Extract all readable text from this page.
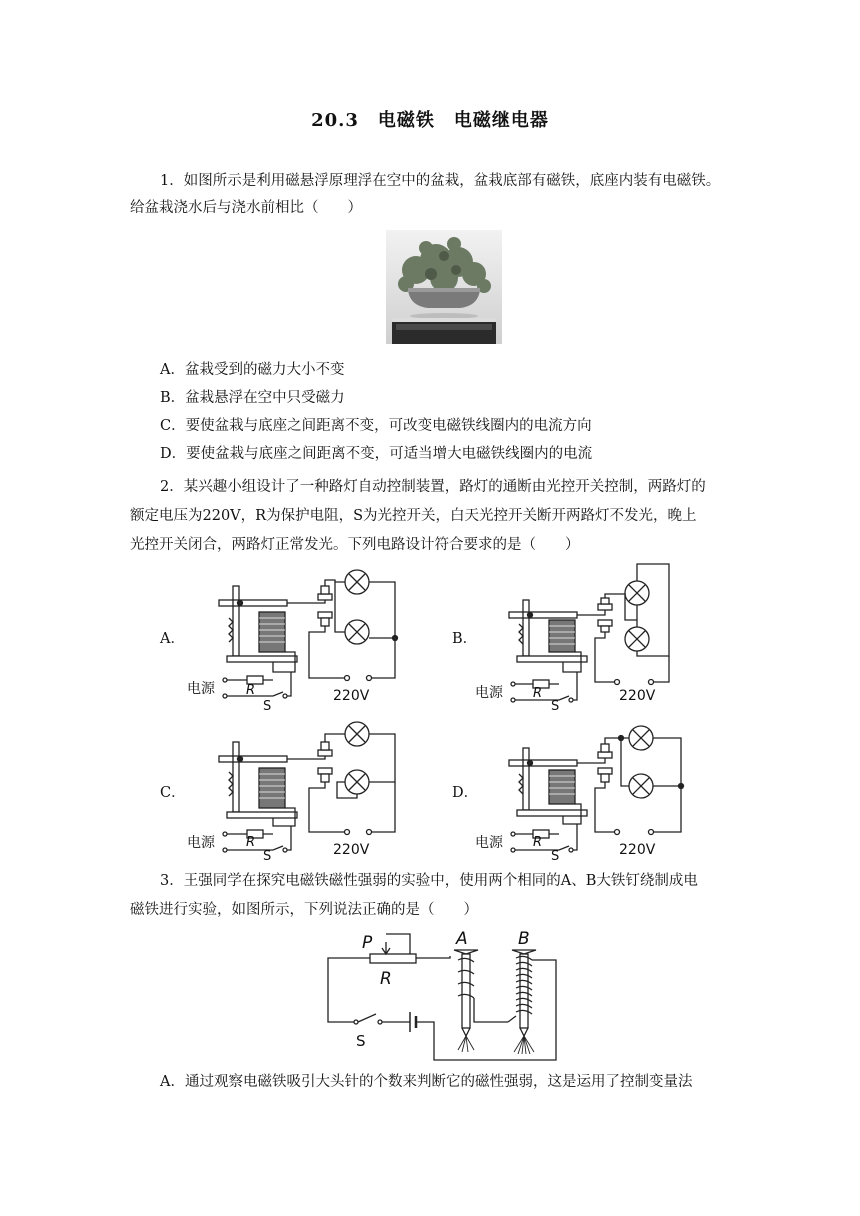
20.3　电磁铁　电磁继电器
1．如图所示是利用磁悬浮原理浮在空中的盆栽，盆栽底部有磁铁，底座内装有电磁铁。
给盆栽浇水后与浇水前相比（　　）
A．盆栽受到的磁力大小不变
B．盆栽悬浮在空中只受磁力
C．要使盆栽与底座之间距离不变，可改变电磁铁线圈内的电流方向
D．要使盆栽与底座之间距离不变，可适当增大电磁铁线圈内的电流
2．某兴趣小组设计了一种路灯自动控制装置，路灯的通断由光控开关控制，两路灯的
额定电压为220V，R为保护电阻，S为光控开关，白天光控开关断开两路灯不发光，晚上
光控开关闭合，两路灯正常发光。下列电路设计符合要求的是（　　）
A．	B．
C．	D．
电源 R
S
220V	电源 R
S
220V
电源 R
S	220V	电源 R
S	220V
3．王强同学在探究电磁铁磁性强弱的实验中，使用两个相同的A、B大铁钉绕制成电
磁铁进行实验，如图所示，下列说法正确的是（　　）
P
R
S
A	B
A．通过观察电磁铁吸引大头针的个数来判断它的磁性强弱，这是运用了控制变量法
